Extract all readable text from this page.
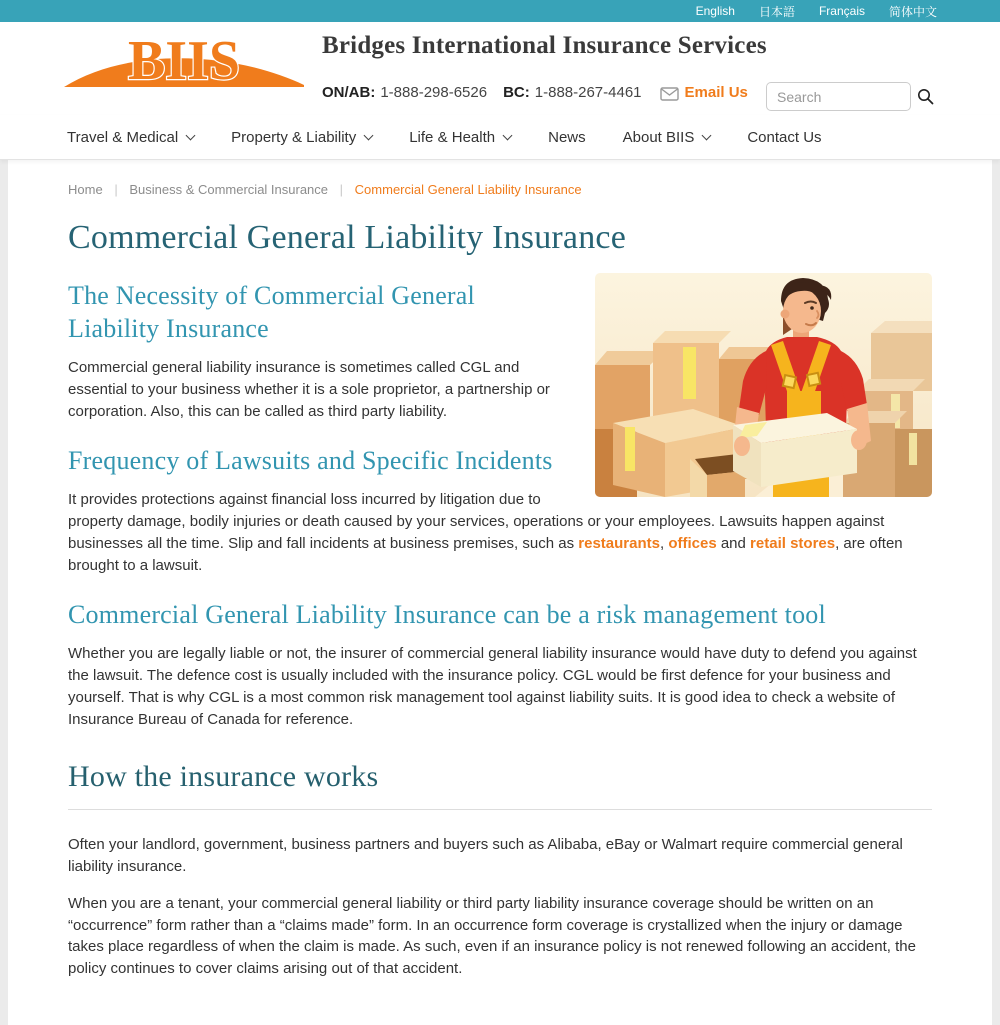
English 日本語 Français 简体中文
BIIS	Bridges International Insurance Services
ON/AB: 1-888-298-6526 BC: 1-888-267-4461	Email Us
Search
Travel & Medical	Property & Liability	Life & Health	News About BIIS	Contact Us
Home | Business & Commercial Insurance | Commercial General Liability Insurance
Commercial General Liability Insurance
The Necessity of Commercial General Liability Insurance

Commercial general liability insurance is sometimes called CGL and essential to your business whether it is a sole proprietor, a partnership or corporation. Also, this can be called as third party liability.

Frequency of Lawsuits and Specific Incidents

It provides protections against financial loss incurred by litigation due to property damage, bodily injuries or death caused by your services, operations or your employees. Lawsuits happen against businesses all the time. Slip and fall incidents at business premises, such as restaurants, offices and retail stores, are often brought to a lawsuit.

Commercial General Liability Insurance can be a risk management tool

Whether you are legally liable or not, the insurer of commercial general liability insurance would have duty to defend you against the lawsuit. The defence cost is usually included with the insurance policy. CGL would be first defence for your business and yourself. That is why CGL is a most common risk management tool against liability suits. It is good idea to check a website of Insurance Bureau of Canada for reference.

How the insurance works

Often your landlord, government, business partners and buyers such as Alibaba, eBay or Walmart require commercial general liability insurance.

When you are a tenant, your commercial general liability or third party liability insurance coverage should be written on an “occurrence” form rather than a “claims made” form. In an occurrence form coverage is crystallized when the injury or damage takes place regardless of when the claim is made. As such, even if an insurance policy is not renewed following an accident, the policy continues to cover claims arising out of that accident.
